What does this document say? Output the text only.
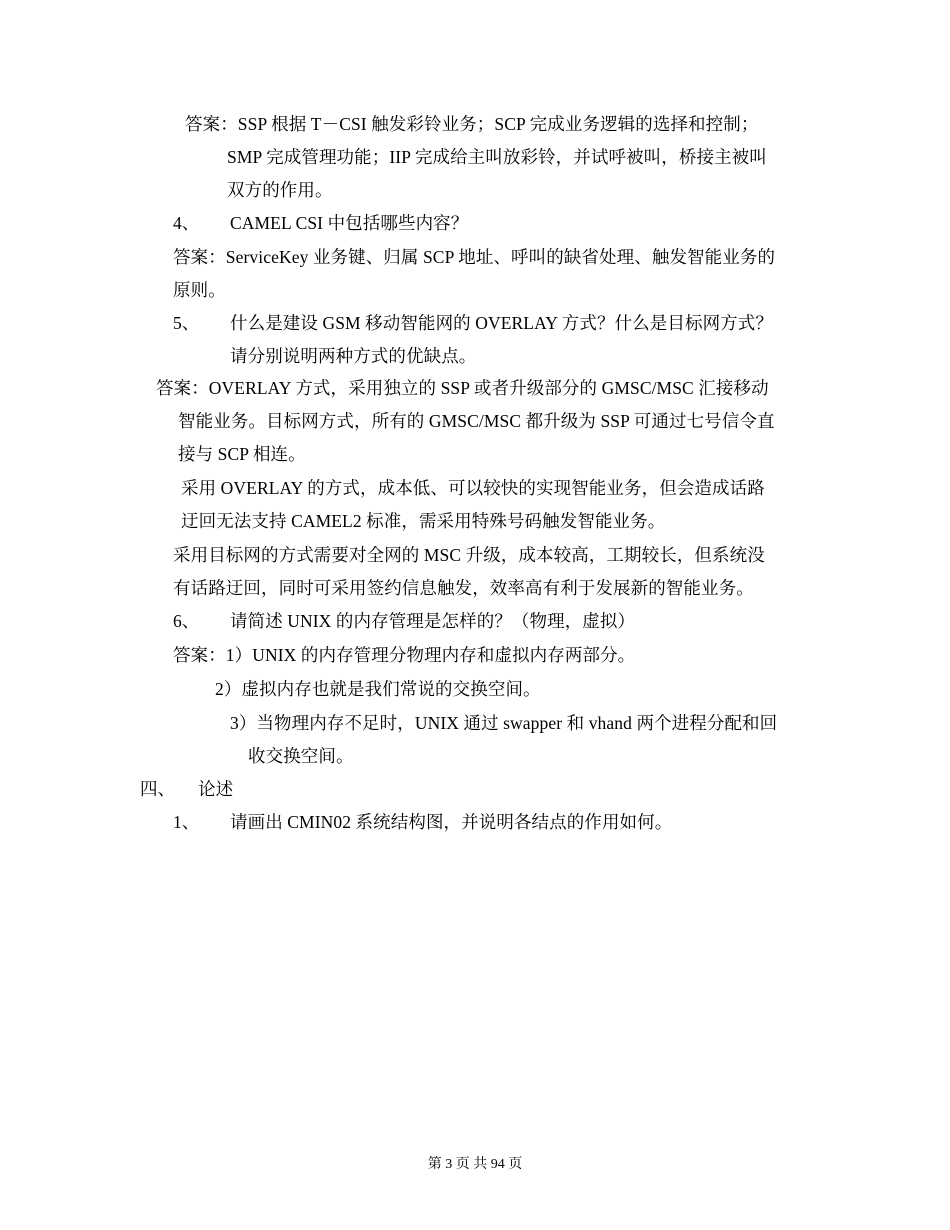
答案：SSP 根据 T－CSI 触发彩铃业务；SCP 完成业务逻辑的选择和控制；
SMP 完成管理功能；IIP 完成给主叫放彩铃，并试呼被叫，桥接主被叫
双方的作用。
4、 CAMEL CSI 中包括哪些内容？
答案：ServiceKey 业务键、归属 SCP 地址、呼叫的缺省处理、触发智能业务的
原则。
5、 什么是建设 GSM 移动智能网的 OVERLAY 方式？什么是目标网方式？
请分别说明两种方式的优缺点。
答案：OVERLAY 方式，采用独立的 SSP 或者升级部分的 GMSC/MSC 汇接移动
智能业务。目标网方式，所有的 GMSC/MSC 都升级为 SSP 可通过七号信令直
接与 SCP 相连。
采用 OVERLAY 的方式，成本低、可以较快的实现智能业务，但会造成话路
迂回无法支持 CAMEL2 标准，需采用特殊号码触发智能业务。
采用目标网的方式需要对全网的 MSC 升级，成本较高，工期较长，但系统没
有话路迂回，同时可采用签约信息触发，效率高有利于发展新的智能业务。
6、 请简述 UNIX 的内存管理是怎样的？（物理，虚拟）
答案：1）UNIX 的内存管理分物理内存和虚拟内存两部分。
2）虚拟内存也就是我们常说的交换空间。
3）当物理内存不足时，UNIX 通过 swapper 和 vhand 两个进程分配和回
收交换空间。
四、 论述
1、 请画出 CMIN02 系统结构图，并说明各结点的作用如何。
第 3 页 共 94 页
